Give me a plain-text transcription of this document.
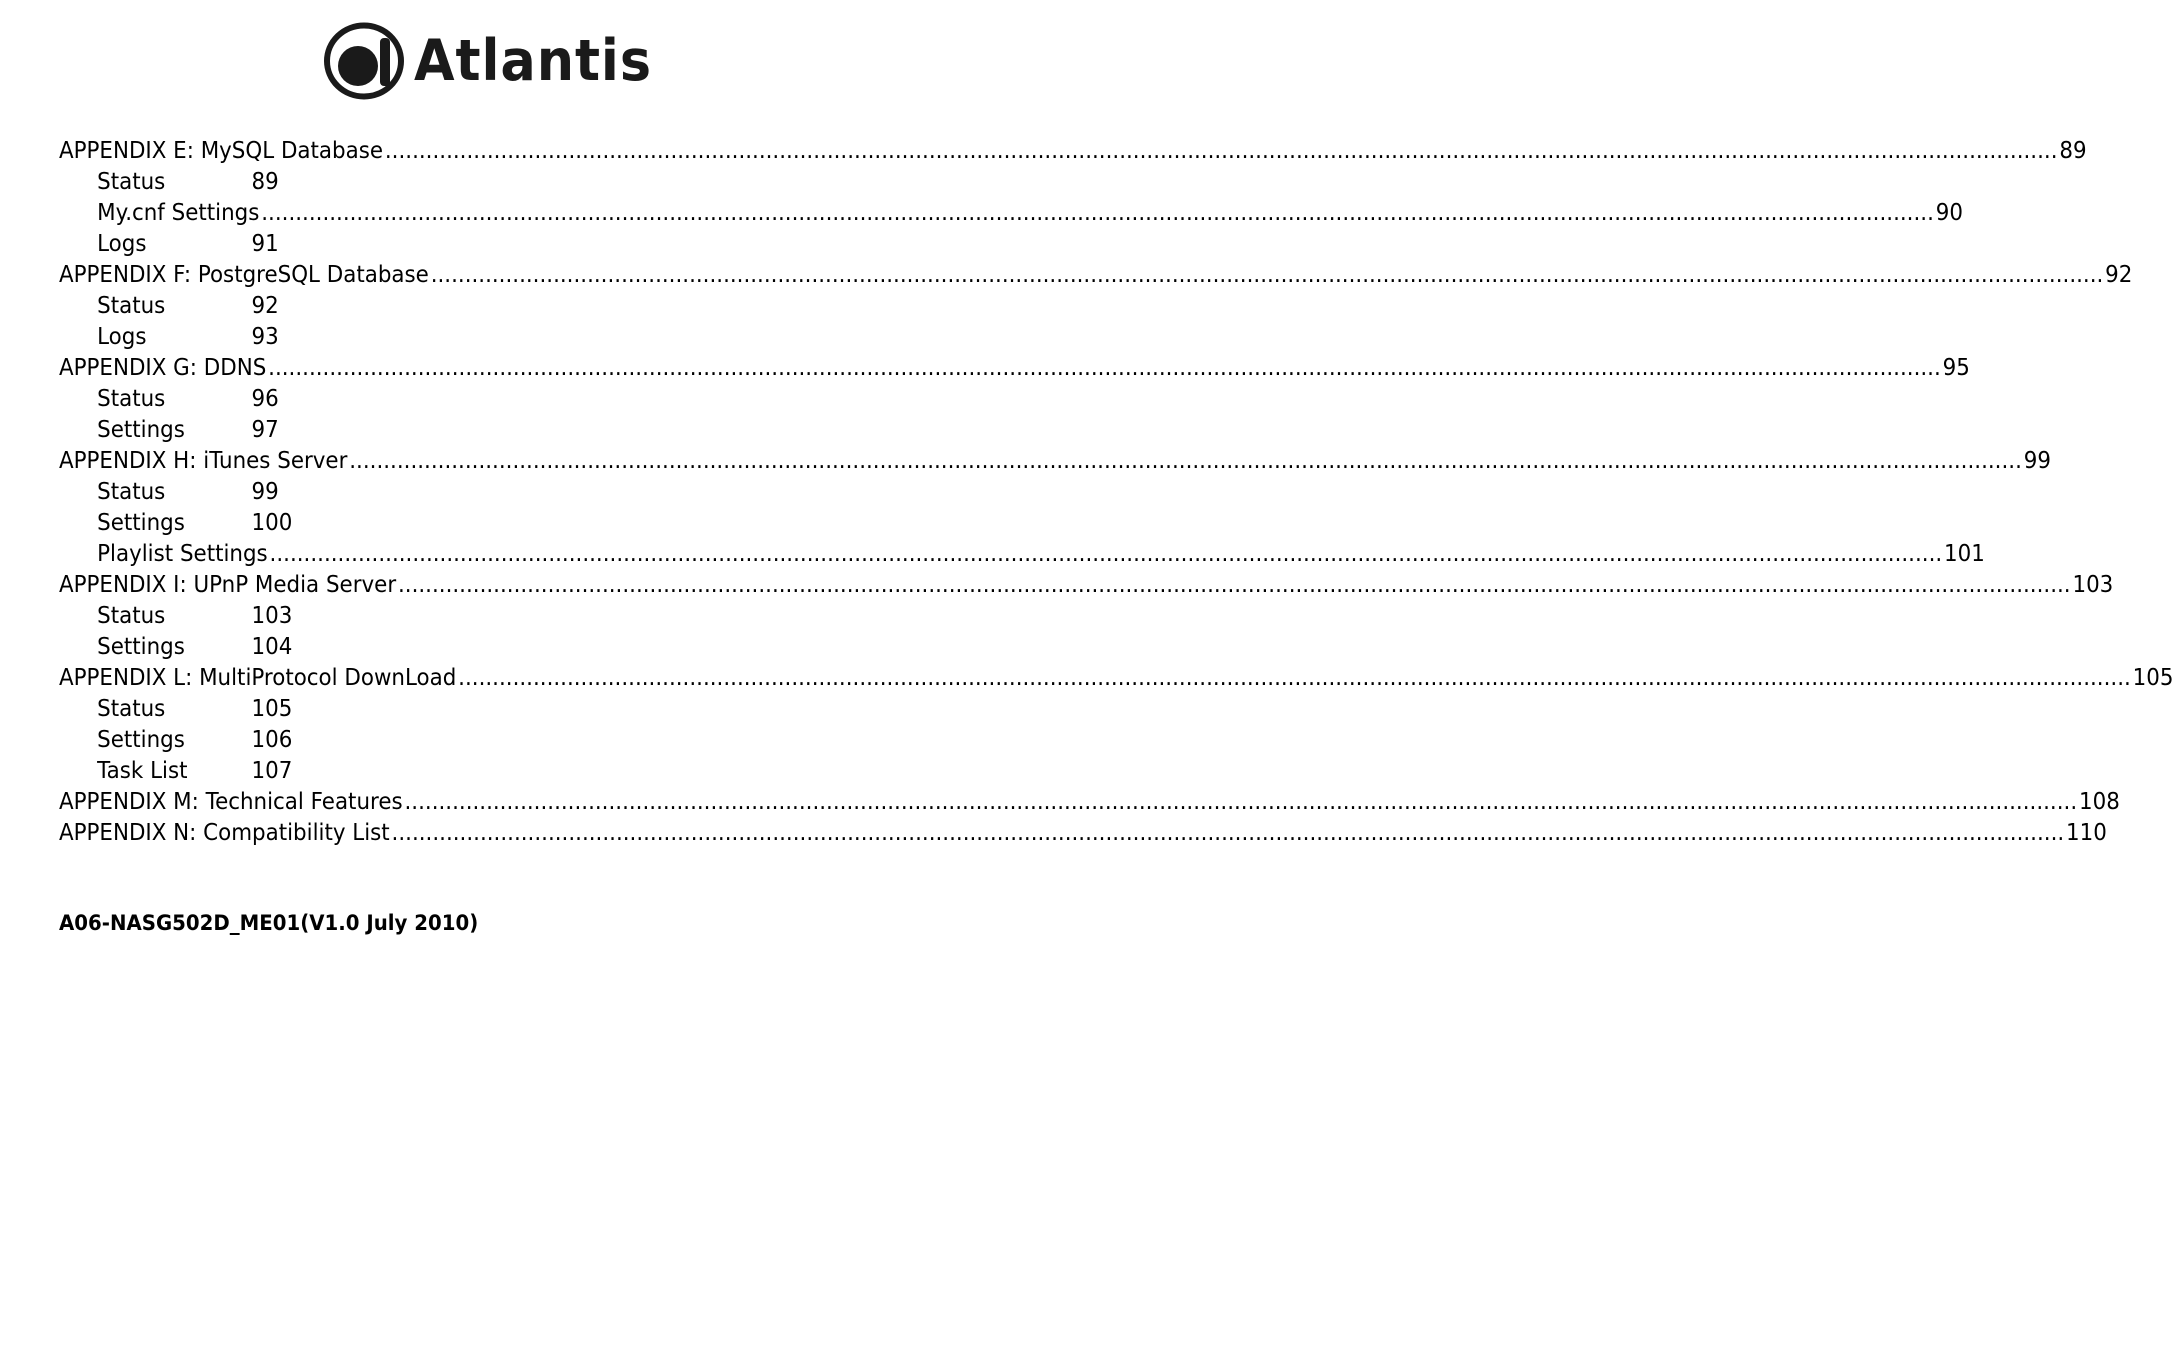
Atlantis
APPENDIX E: MySQL Database .....	89
Status	89
My.cnf Settings .....	90
Logs	91
APPENDIX F: PostgreSQL Database .....	92
Status	92
Logs	93
APPENDIX G: DDNS .....	95
Status	96
Settings	97
APPENDIX H: iTunes Server .....	99
Status	99
Settings	100
Playlist Settings .....	101
APPENDIX I: UPnP Media Server .....	103
Status	103
Settings	104
APPENDIX L: MultiProtocol DownLoad .....	105
Status	105
Settings	106
Task List	107
APPENDIX M: Technical Features .....	108
APPENDIX N: Compatibility List .....	110
A06-NASG502D_ME01(V1.0 July 2010)
